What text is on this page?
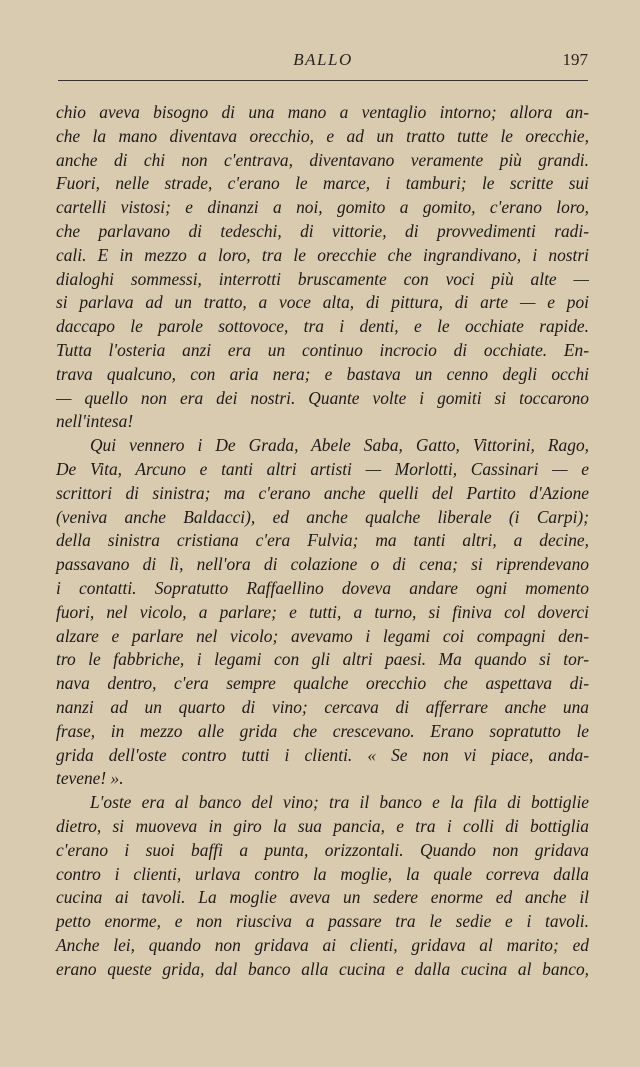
BALLO	197
chio aveva bisogno di una mano a ventaglio intorno; allora an-
che la mano diventava orecchio, e ad un tratto tutte le orecchie,
anche di chi non c'entrava, diventavano veramente più grandi.
Fuori, nelle strade, c'erano le marce, i tamburi; le scritte sui
cartelli vistosi; e dinanzi a noi, gomito a gomito, c'erano loro,
che parlavano di tedeschi, di vittorie, di provvedimenti radi-
cali. E in mezzo a loro, tra le orecchie che ingrandivano, i nostri
dialoghi sommessi, interrotti bruscamente con voci più alte —
si parlava ad un tratto, a voce alta, di pittura, di arte — e poi
daccapo le parole sottovoce, tra i denti, e le occhiate rapide.
Tutta l'osteria anzi era un continuo incrocio di occhiate. En-
trava qualcuno, con aria nera; e bastava un cenno degli occhi
— quello non era dei nostri. Quante volte i gomiti si toccarono
nell'intesa!
Qui vennero i De Grada, Abele Saba, Gatto, Vittorini, Rago,
De Vita, Arcuno e tanti altri artisti — Morlotti, Cassinari — e
scrittori di sinistra; ma c'erano anche quelli del Partito d'Azione
(veniva anche Baldacci), ed anche qualche liberale (i Carpi);
della sinistra cristiana c'era Fulvia; ma tanti altri, a decine,
passavano di lì, nell'ora di colazione o di cena; si riprendevano
i contatti. Sopratutto Raffaellino doveva andare ogni momento
fuori, nel vicolo, a parlare; e tutti, a turno, si finiva col doverci
alzare e parlare nel vicolo; avevamo i legami coi compagni den-
tro le fabbriche, i legami con gli altri paesi. Ma quando si tor-
nava dentro, c'era sempre qualche orecchio che aspettava di-
nanzi ad un quarto di vino; cercava di afferrare anche una
frase, in mezzo alle grida che crescevano. Erano sopratutto le
grida dell'oste contro tutti i clienti. « Se non vi piace, anda-
tevene! ».
L'oste era al banco del vino; tra il banco e la fila di bottiglie
dietro, si muoveva in giro la sua pancia, e tra i colli di bottiglia
c'erano i suoi baffi a punta, orizzontali. Quando non gridava
contro i clienti, urlava contro la moglie, la quale correva dalla
cucina ai tavoli. La moglie aveva un sedere enorme ed anche il
petto enorme, e non riusciva a passare tra le sedie e i tavoli.
Anche lei, quando non gridava ai clienti, gridava al marito; ed
erano queste grida, dal banco alla cucina e dalla cucina al banco,
